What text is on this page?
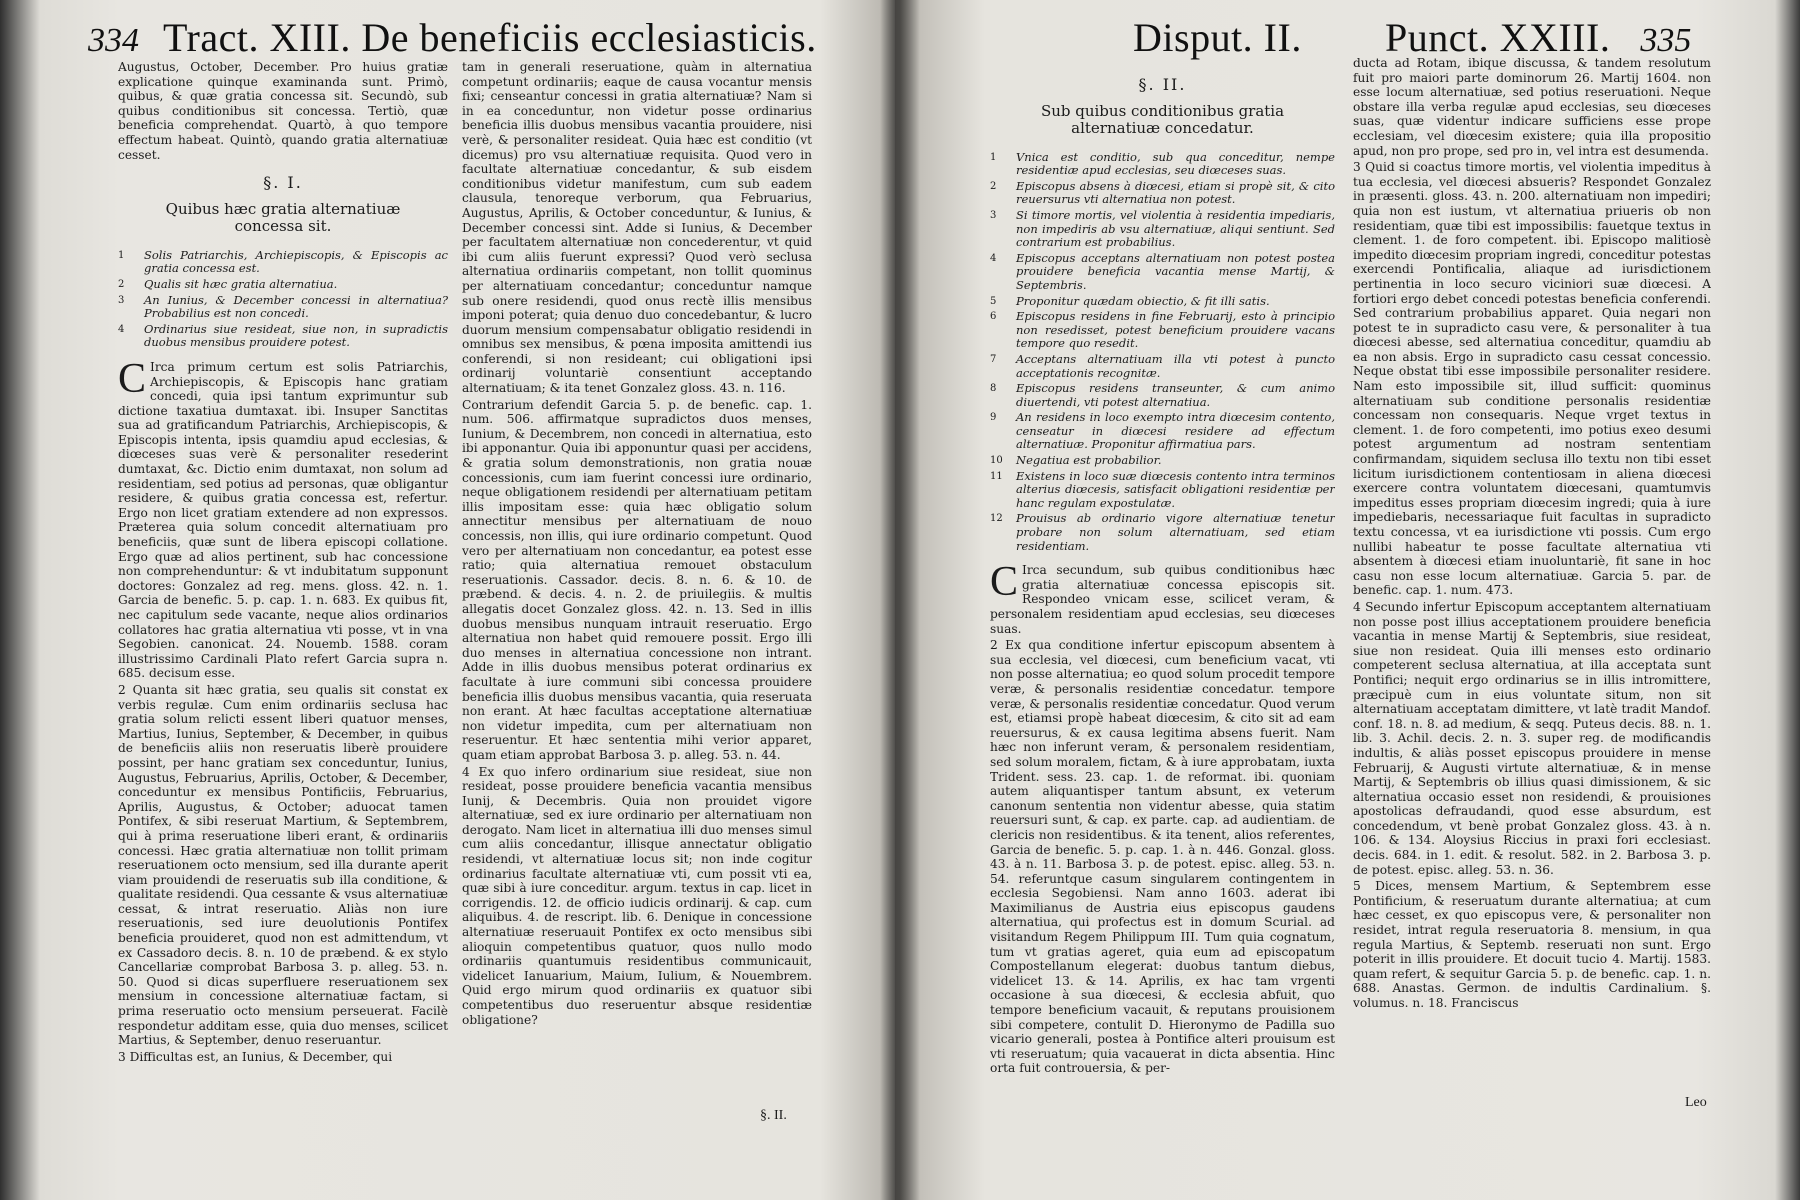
334 Tract. XIII. De beneficiis ecclesiasticis.

Augustus, October, December. Pro huius gratiæ explicatione quinque examinanda sunt. Primò, quibus, & quæ gratia concessa sit. Secundò, sub quibus conditionibus sit concessa. Tertiò, quæ beneficia comprehendat. Quartò, à quo tempore effectum habeat. Quintò, quando gratia alternatiuæ cesset.

§. I.
Quibus hæc gratia alternatiuæ concessa sit.
1	Solis Patriarchis, Archiepiscopis, & Episcopis ac gratia concessa est.
2	Qualis sit hæc gratia alternatiua.
3	An Iunius, & December concessi in alternatiua? Probabilius est non concedi.
4	Ordinarius siue resideat, siue non, in supradictis duobus mensibus prouidere potest.

C Irca primum certum est solis Patriarchis, Archiepiscopis, & Episcopis hanc gratiam concedi, quia ipsi tantum exprimuntur sub dictione taxatiua dumtaxat. ibi. Insuper Sanctitas sua ad gratificandum Patriarchis, Archiepiscopis, & Episcopis intenta, ipsis quamdiu apud ecclesias, & diœceses suas verè & personaliter resederint dumtaxat, &c. Dictio enim dumtaxat, non solum ad residentiam, sed potius ad personas, quæ obligantur residere, & quibus gratia concessa est, refertur. Ergo non licet gratiam extendere ad non expressos. Præterea quia solum concedit alternatiuam pro beneficiis, quæ sunt de libera episcopi collatione. Ergo quæ ad alios pertinent, sub hac concessione non comprehenduntur: & vt indubitatum supponunt doctores: Gonzalez ad reg. mens. gloss. 42. n. 1. Garcia de benefic. 5. p. cap. 1. n. 683. Ex quibus fit, nec capitulum sede vacante, neque alios ordinarios collatores hac gratia alternatiua vti posse, vt in vna Segobien. canonicat. 24. Nouemb. 1588. coram illustrissimo Cardinali Plato refert Garcia supra n. 685. decisum esse.

2 Quanta sit hæc gratia, seu qualis sit constat ex verbis regulæ. Cum enim ordinariis seclusa hac gratia solum relicti essent liberi quatuor menses, Martius, Iunius, September, & December, in quibus de beneficiis aliis non reseruatis liberè prouidere possint, per hanc gratiam sex conceduntur, Iunius, Augustus, Februarius, Aprilis, October, & December, conceduntur ex mensibus Pontificiis, Februarius, Aprilis, Augustus, & October; aduocat tamen Pontifex, & sibi reseruat Martium, & Septembrem, qui à prima reseruatione liberi erant, & ordinariis concessi. Hæc gratia alternatiuæ non tollit primam reseruationem octo mensium, sed illa durante aperit viam prouidendi de reseruatis sub illa conditione, & qualitate residendi. Qua cessante & vsus alternatiuæ cessat, & intrat reseruatio. Aliàs non iure reseruationis, sed iure deuolutionis Pontifex beneficia prouideret, quod non est admittendum, vt ex Cassadoro decis. 8. n. 10 de præbend. & ex stylo Cancellariæ comprobat Barbosa 3. p. alleg. 53. n. 50. Quod si dicas superfluere reseruationem sex mensium in concessione alternatiuæ factam, si prima reseruatio octo mensium perseuerat. Facilè respondetur additam esse, quia duo menses, scilicet Martius, & September, denuo reseruantur.

3 Difficultas est, an Iunius, & December, qui

tam in generali reseruatione, quàm in alternatiua competunt ordinariis; eaque de causa vocantur mensis fixi; censeantur concessi in gratia alternatiuæ? Nam si in ea conceduntur, non videtur posse ordinarius beneficia illis duobus mensibus vacantia prouidere, nisi verè, & personaliter resideat. Quia hæc est conditio (vt dicemus) pro vsu alternatiuæ requisita. Quod vero in facultate alternatiuæ concedantur, & sub eisdem conditionibus videtur manifestum, cum sub eadem clausula, tenoreque verborum, qua Februarius, Augustus, Aprilis, & October conceduntur, & Iunius, & December concessi sint. Adde si Iunius, & December per facultatem alternatiuæ non concederentur, vt quid ibi cum aliis fuerunt expressi? Quod verò seclusa alternatiua ordinariis competant, non tollit quominus per alternatiuam concedantur; conceduntur namque sub onere residendi, quod onus rectè illis mensibus imponi poterat; quia denuo duo concedebantur, & lucro duorum mensium compensabatur obligatio residendi in omnibus sex mensibus, & pœna imposita amittendi ius conferendi, si non resideant; cui obligationi ipsi ordinarij voluntariè consentiunt acceptando alternatiuam; & ita tenet Gonzalez gloss. 43. n. 116.

Contrarium defendit Garcia 5. p. de benefic. cap. 1. num. 506. affirmatque supradictos duos menses, Iunium, & Decembrem, non concedi in alternatiua, esto ibi apponantur. Quia ibi apponuntur quasi per accidens, & gratia solum demonstrationis, non gratia nouæ concessionis, cum iam fuerint concessi iure ordinario, neque obligationem residendi per alternatiuam petitam illis impositam esse: quia hæc obligatio solum annectitur mensibus per alternatiuam de nouo concessis, non illis, qui iure ordinario competunt. Quod vero per alternatiuam non concedantur, ea potest esse ratio; quia alternatiua remouet obstaculum reseruationis. Cassador. decis. 8. n. 6. & 10. de præbend. & decis. 4. n. 2. de priuilegiis. & multis allegatis docet Gonzalez gloss. 42. n. 13. Sed in illis duobus mensibus nunquam intrauit reseruatio. Ergo alternatiua non habet quid remouere possit. Ergo illi duo menses in alternatiua concessione non intrant. Adde in illis duobus mensibus poterat ordinarius ex facultate à iure communi sibi concessa prouidere beneficia illis duobus mensibus vacantia, quia reseruata non erant. At hæc facultas acceptatione alternatiuæ non videtur impedita, cum per alternatiuam non reseruentur. Et hæc sententia mihi verior apparet, quam etiam approbat Barbosa 3. p. alleg. 53. n. 44.

4 Ex quo infero ordinarium siue resideat, siue non resideat, posse prouidere beneficia vacantia mensibus Iunij, & Decembris. Quia non prouidet vigore alternatiuæ, sed ex iure ordinario per alternatiuam non derogato. Nam licet in alternatiua illi duo menses simul cum aliis concedantur, illisque annectatur obligatio residendi, vt alternatiuæ locus sit; non inde cogitur ordinarius facultate alternatiuæ vti, cum possit vti ea, quæ sibi à iure conceditur. argum. textus in cap. licet in corrigendis. 12. de officio iudicis ordinarij. & cap. cum aliquibus. 4. de rescript. lib. 6. Denique in concessione alternatiuæ reseruauit Pontifex ex octo mensibus sibi alioquin competentibus quatuor, quos nullo modo ordinariis quantumuis residentibus communicauit, videlicet Ianuarium, Maium, Iulium, & Nouembrem. Quid ergo mirum quod ordinariis ex quatuor sibi competentibus duo reseruentur absque residentiæ obligatione?

§. II.
Disput. II. Punct. XXIII. 335
§. II.
Sub quibus conditionibus gratia alternatiuæ concedatur.
1	Vnica est conditio, sub qua conceditur, nempe residentiæ apud ecclesias, seu diœceses suas.
2	Episcopus absens à diœcesi, etiam si propè sit, & cito reuersurus vti alternatiua non potest.
3	Si timore mortis, vel violentia à residentia impediaris, non impediris ab vsu alternatiuæ, aliqui sentiunt. Sed contrarium est probabilius.
4	Episcopus acceptans alternatiuam non potest postea prouidere beneficia vacantia mense Martij, & Septembris.
5	Proponitur quædam obiectio, & fit illi satis.
6	Episcopus residens in fine Februarij, esto à principio non resedisset, potest beneficium prouidere vacans tempore quo resedit.
7	Acceptans alternatiuam illa vti potest à puncto acceptationis recognitæ.
8	Episcopus residens transeunter, & cum animo diuertendi, vti potest alternatiua.
9	An residens in loco exempto intra diœcesim contento, censeatur in diœcesi residere ad effectum alternatiuæ. Proponitur affirmatiua pars.
10	Negatiua est probabilior.
11	Existens in loco suæ diœcesis contento intra terminos alterius diœcesis, satisfacit obligationi residentiæ per hanc regulam expostulatæ.
12	Prouisus ab ordinario vigore alternatiuæ tenetur probare non solum alternatiuam, sed etiam residentiam.

C Irca secundum, sub quibus conditionibus hæc gratia alternatiuæ concessa episcopis sit. Respondeo vnicam esse, scilicet veram, & personalem residentiam apud ecclesias, seu diœceses suas.

2 Ex qua conditione infertur episcopum absentem à sua ecclesia, vel diœcesi, cum beneficium vacat, vti non posse alternatiua; eo quod solum procedit tempore veræ, & personalis residentiæ concedatur. tempore veræ, & personalis residentiæ concedatur. Quod verum est, etiamsi propè habeat diœcesim, & cito sit ad eam reuersurus, & ex causa legitima absens fuerit. Nam hæc non inferunt veram, & personalem residentiam, sed solum moralem, fictam, & à iure approbatam, iuxta Trident. sess. 23. cap. 1. de reformat. ibi. quoniam autem aliquantisper tantum absunt, ex veterum canonum sententia non videntur abesse, quia statim reuersuri sunt, & cap. ex parte. cap. ad audientiam. de clericis non residentibus. & ita tenent, alios referentes, Garcia de benefic. 5. p. cap. 1. à n. 446. Gonzal. gloss. 43. à n. 11. Barbosa 3. p. de potest. episc. alleg. 53. n. 54. referuntque casum singularem contingentem in ecclesia Segobiensi. Nam anno 1603. aderat ibi Maximilianus de Austria eius episcopus gaudens alternatiua, qui profectus est in domum Scurial. ad visitandum Regem Philippum III. Tum quia cognatum, tum vt gratias ageret, quia eum ad episcopatum Compostellanum elegerat: duobus tantum diebus, videlicet 13. & 14. Aprilis, ex hac tam vrgenti occasione à sua diœcesi, & ecclesia abfuit, quo tempore beneficium vacauit, & reputans prouisionem sibi competere, contulit D. Hieronymo de Padilla suo vicario generali, postea à Pontifice alteri prouisum est vti reseruatum; quia vacauerat in dicta absentia. Hinc orta fuit controuersia, & per-

ducta ad Rotam, ibique discussa, & tandem resolutum fuit pro maiori parte dominorum 26. Martij 1604. non esse locum alternatiuæ, sed potius reseruationi. Neque obstare illa verba regulæ apud ecclesias, seu diœceses suas, quæ videntur indicare sufficiens esse prope ecclesiam, vel diœcesim existere; quia illa propositio apud, non pro prope, sed pro in, vel intra est desumenda.

3 Quid si coactus timore mortis, vel violentia impeditus à tua ecclesia, vel diœcesi absueris? Respondet Gonzalez in præsenti. gloss. 43. n. 200. alternatiuam non impediri; quia non est iustum, vt alternatiua priueris ob non residentiam, quæ tibi est impossibilis: fauetque textus in clement. 1. de foro competent. ibi. Episcopo malitiosè impedito diœcesim propriam ingredi, conceditur potestas exercendi Pontificalia, aliaque ad iurisdictionem pertinentia in loco securo viciniori suæ diœcesi. A fortiori ergo debet concedi potestas beneficia conferendi. Sed contrarium probabilius apparet. Quia negari non potest te in supradicto casu vere, & personaliter à tua diœcesi abesse, sed alternatiua conceditur, quamdiu ab ea non absis. Ergo in supradicto casu cessat concessio. Neque obstat tibi esse impossibile personaliter residere. Nam esto impossibile sit, illud sufficit: quominus alternatiuam sub conditione personalis residentiæ concessam non consequaris. Neque vrget textus in clement. 1. de foro competenti, imo potius exeo desumi potest argumentum ad nostram sententiam confirmandam, siquidem seclusa illo textu non tibi esset licitum iurisdictionem contentiosam in aliena diœcesi exercere contra voluntatem diœcesani, quamtumvis impeditus esses propriam diœcesim ingredi; quia à iure impediebaris, necessariaque fuit facultas in supradicto textu concessa, vt ea iurisdictione vti possis. Cum ergo nullibi habeatur te posse facultate alternatiua vti absentem à diœcesi etiam inuoluntariè, fit sane in hoc casu non esse locum alternatiuæ. Garcia 5. par. de benefic. cap. 1. num. 473.

4 Secundo infertur Episcopum acceptantem alternatiuam non posse post illius acceptationem prouidere beneficia vacantia in mense Martij & Septembris, siue resideat, siue non resideat. Quia illi menses esto ordinario competerent seclusa alternatiua, at illa acceptata sunt Pontifici; nequit ergo ordinarius se in illis intromittere, præcipuè cum in eius voluntate situm, non sit alternatiuam acceptatam dimittere, vt latè tradit Mandof. conf. 18. n. 8. ad medium, & seqq. Puteus decis. 88. n. 1. lib. 3. Achil. decis. 2. n. 3. super reg. de modificandis indultis, & aliàs posset episcopus prouidere in mense Februarij, & Augusti virtute alternatiuæ, & in mense Martij, & Septembris ob illius quasi dimissionem, & sic alternatiua occasio esset non residendi, & prouisiones apostolicas defraudandi, quod esse absurdum, est concedendum, vt benè probat Gonzalez gloss. 43. à n. 106. & 134. Aloysius Riccius in praxi fori ecclesiast. decis. 684. in 1. edit. & resolut. 582. in 2. Barbosa 3. p. de potest. episc. alleg. 53. n. 36.

5 Dices, mensem Martium, & Septembrem esse Pontificium, & reseruatum durante alternatiua; at cum hæc cesset, ex quo episcopus vere, & personaliter non residet, intrat regula reseruatoria 8. mensium, in qua regula Martius, & Septemb. reseruati non sunt. Ergo poterit in illis prouidere. Et docuit tucio 4. Martij. 1583. quam refert, & sequitur Garcia 5. p. de benefic. cap. 1. n. 688. Anastas. Germon. de indultis Cardinalium. §. volumus. n. 18. Franciscus

Leo
